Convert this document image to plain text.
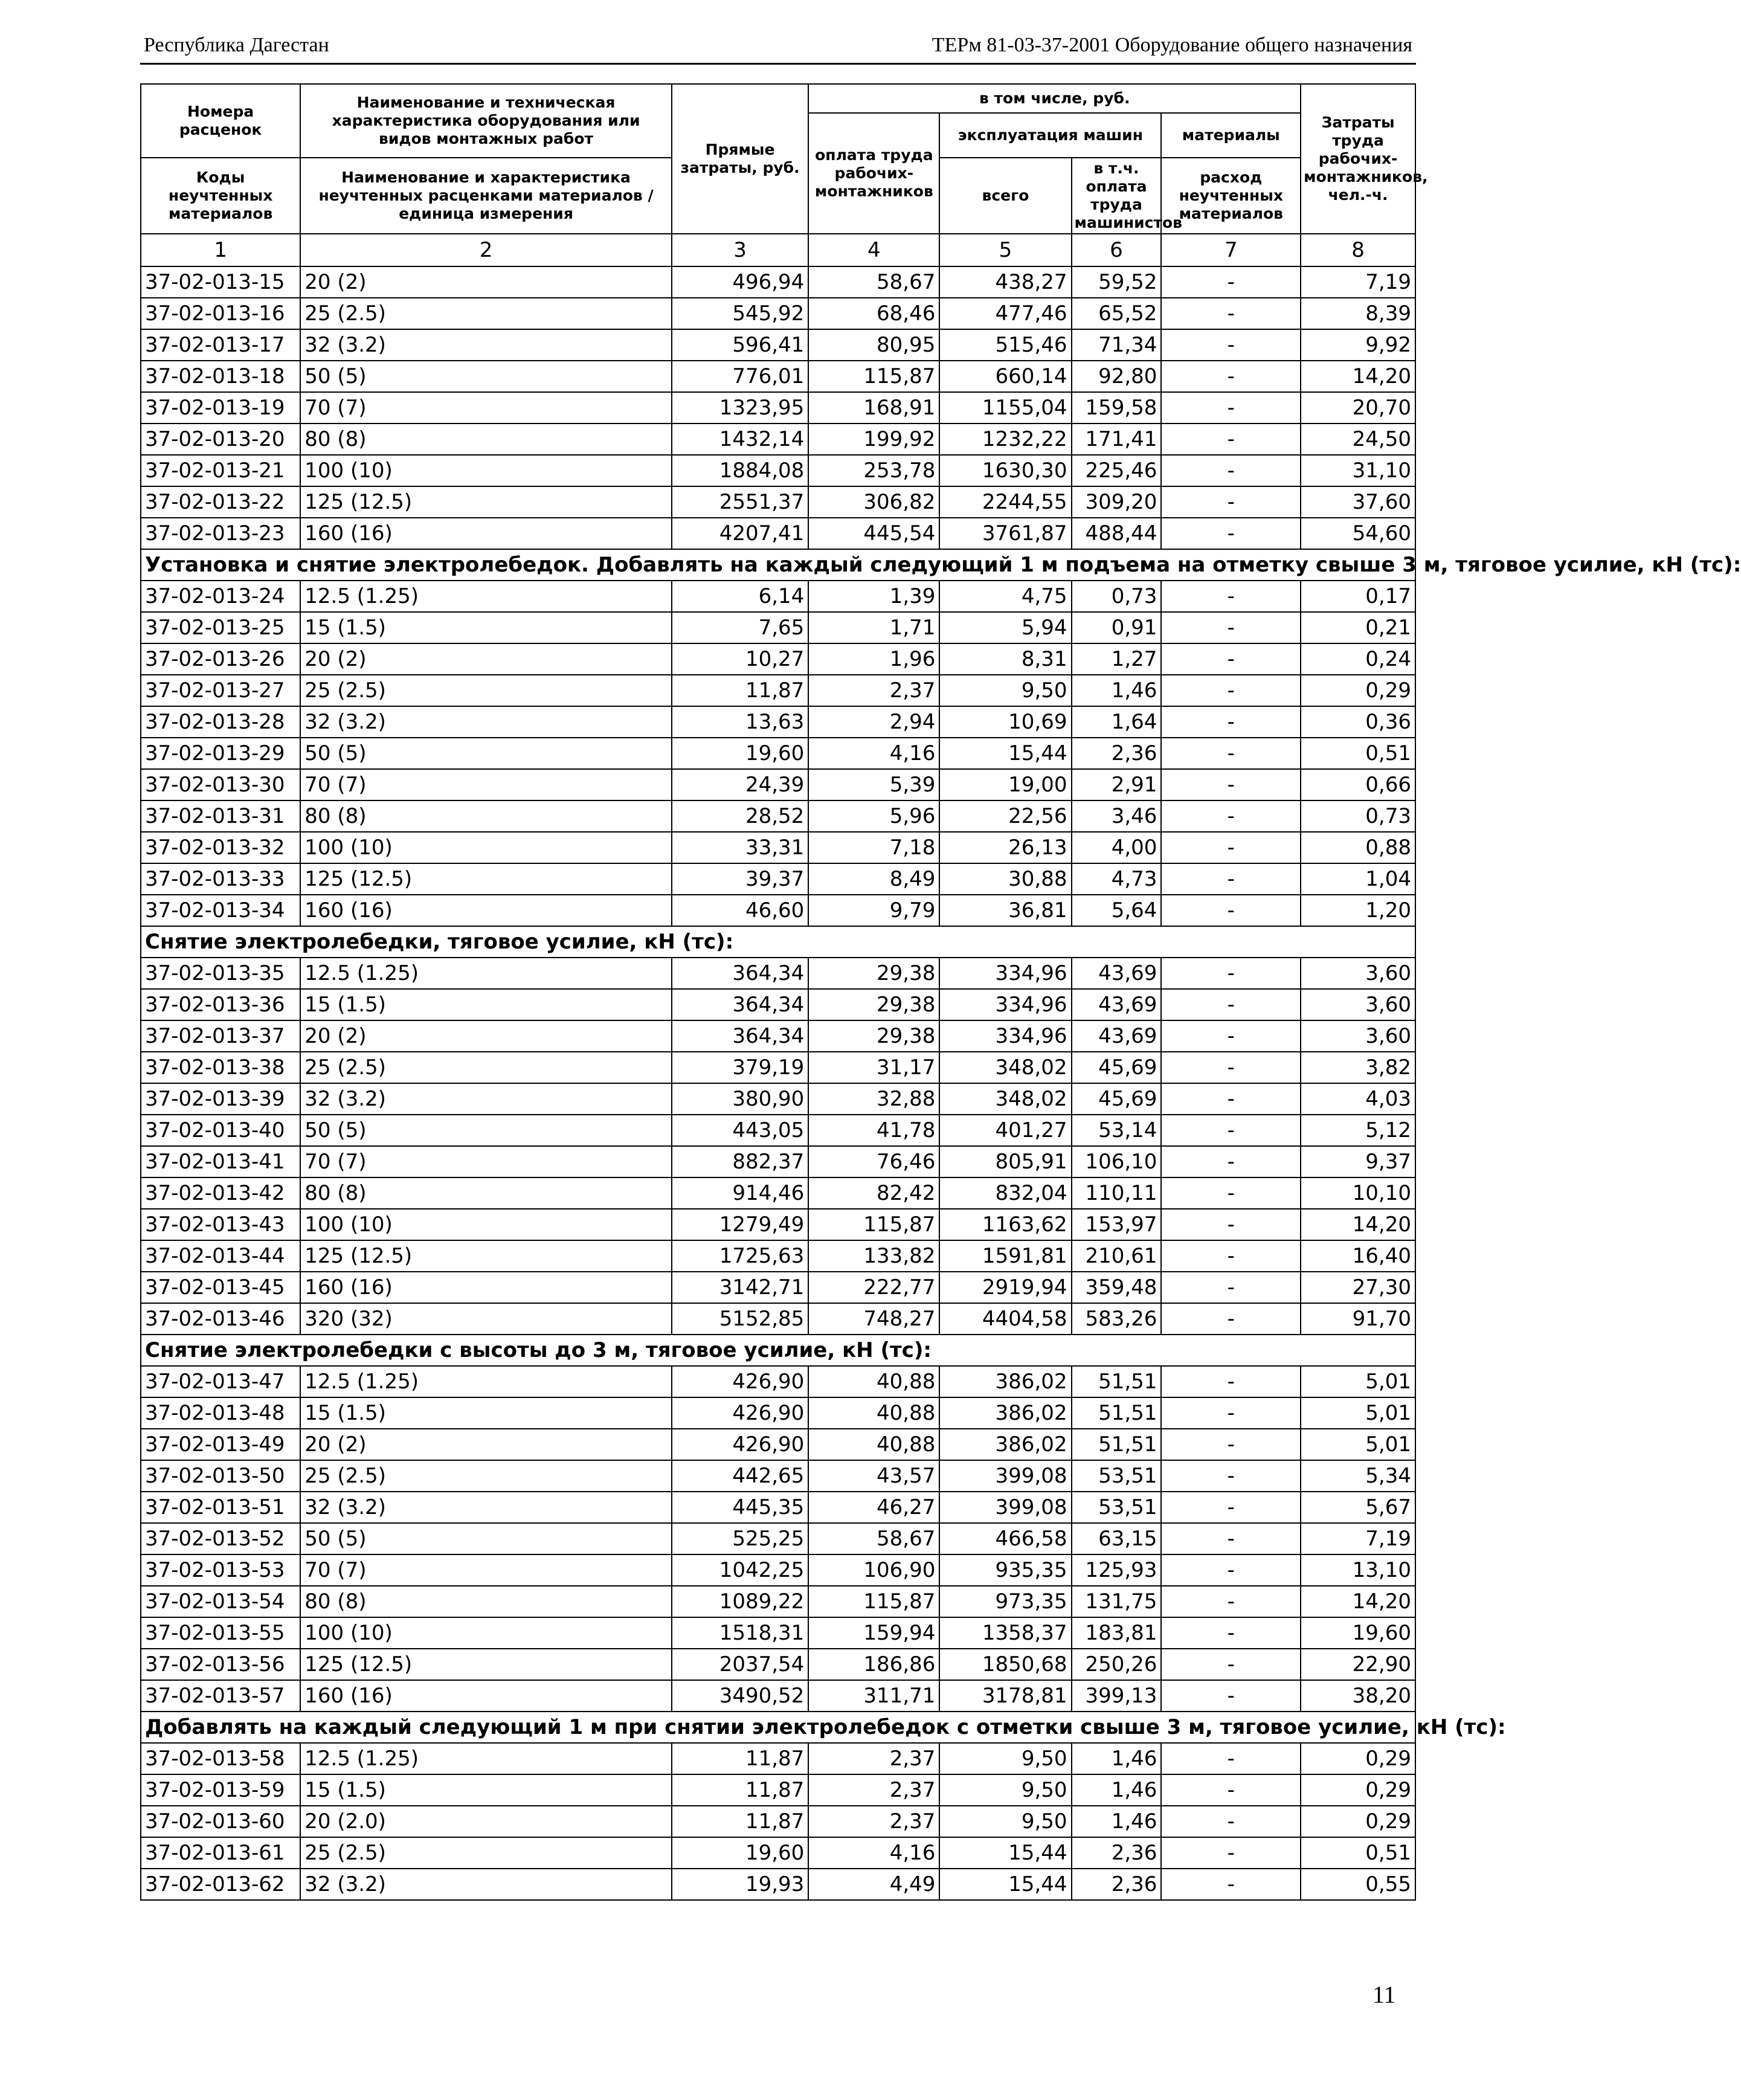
Республика Дагестан	ТЕРм 81-03-37-2001 Оборудование общего назначения
Номера расценок	Наименование и техническая характеристика оборудования или видов монтажных работ	Прямые затраты, руб.	в том числе, руб.				Затраты труда рабочих-монтажников, чел.-ч.
			оплата труда рабочих-монтажников	эксплуатация машин		материалы	
Коды неучтенных материалов	Наименование и характеристика неучтенных расценками материалов / единица измерения			всего	в т.ч. оплата труда машинистов	расход неучтенных материалов	

1	2	3	4	5	6	7	8
37-02-013-15	20 (2)	496,94	58,67	438,27	59,52	-	7,19
37-02-013-16	25 (2.5)	545,92	68,46	477,46	65,52	-	8,39
37-02-013-17	32 (3.2)	596,41	80,95	515,46	71,34	-	9,92
37-02-013-18	50 (5)	776,01	115,87	660,14	92,80	-	14,20
37-02-013-19	70 (7)	1323,95	168,91	1155,04	159,58	-	20,70
37-02-013-20	80 (8)	1432,14	199,92	1232,22	171,41	-	24,50
37-02-013-21	100 (10)	1884,08	253,78	1630,30	225,46	-	31,10
37-02-013-22	125 (12.5)	2551,37	306,82	2244,55	309,20	-	37,60
37-02-013-23	160 (16)	4207,41	445,54	3761,87	488,44	-	54,60
Установка и снятие электролебедок. Добавлять на каждый следующий 1 м подъема на отметку свыше 3 м, тяговое усилие, кН (тс):							
37-02-013-24	12.5 (1.25)	6,14	1,39	4,75	0,73	-	0,17
37-02-013-25	15 (1.5)	7,65	1,71	5,94	0,91	-	0,21
37-02-013-26	20 (2)	10,27	1,96	8,31	1,27	-	0,24
37-02-013-27	25 (2.5)	11,87	2,37	9,50	1,46	-	0,29
37-02-013-28	32 (3.2)	13,63	2,94	10,69	1,64	-	0,36
37-02-013-29	50 (5)	19,60	4,16	15,44	2,36	-	0,51
37-02-013-30	70 (7)	24,39	5,39	19,00	2,91	-	0,66
37-02-013-31	80 (8)	28,52	5,96	22,56	3,46	-	0,73
37-02-013-32	100 (10)	33,31	7,18	26,13	4,00	-	0,88
37-02-013-33	125 (12.5)	39,37	8,49	30,88	4,73	-	1,04
37-02-013-34	160 (16)	46,60	9,79	36,81	5,64	-	1,20
Снятие электролебедки, тяговое усилие, кН (тс):							
37-02-013-35	12.5 (1.25)	364,34	29,38	334,96	43,69	-	3,60
37-02-013-36	15 (1.5)	364,34	29,38	334,96	43,69	-	3,60
37-02-013-37	20 (2)	364,34	29,38	334,96	43,69	-	3,60
37-02-013-38	25 (2.5)	379,19	31,17	348,02	45,69	-	3,82
37-02-013-39	32 (3.2)	380,90	32,88	348,02	45,69	-	4,03
37-02-013-40	50 (5)	443,05	41,78	401,27	53,14	-	5,12
37-02-013-41	70 (7)	882,37	76,46	805,91	106,10	-	9,37
37-02-013-42	80 (8)	914,46	82,42	832,04	110,11	-	10,10
37-02-013-43	100 (10)	1279,49	115,87	1163,62	153,97	-	14,20
37-02-013-44	125 (12.5)	1725,63	133,82	1591,81	210,61	-	16,40
37-02-013-45	160 (16)	3142,71	222,77	2919,94	359,48	-	27,30
37-02-013-46	320 (32)	5152,85	748,27	4404,58	583,26	-	91,70
Снятие электролебедки с высоты до 3 м, тяговое усилие, кН (тс):							
37-02-013-47	12.5 (1.25)	426,90	40,88	386,02	51,51	-	5,01
37-02-013-48	15 (1.5)	426,90	40,88	386,02	51,51	-	5,01
37-02-013-49	20 (2)	426,90	40,88	386,02	51,51	-	5,01
37-02-013-50	25 (2.5)	442,65	43,57	399,08	53,51	-	5,34
37-02-013-51	32 (3.2)	445,35	46,27	399,08	53,51	-	5,67
37-02-013-52	50 (5)	525,25	58,67	466,58	63,15	-	7,19
37-02-013-53	70 (7)	1042,25	106,90	935,35	125,93	-	13,10
37-02-013-54	80 (8)	1089,22	115,87	973,35	131,75	-	14,20
37-02-013-55	100 (10)	1518,31	159,94	1358,37	183,81	-	19,60
37-02-013-56	125 (12.5)	2037,54	186,86	1850,68	250,26	-	22,90
37-02-013-57	160 (16)	3490,52	311,71	3178,81	399,13	-	38,20
Добавлять на каждый следующий 1 м при снятии электролебедок с отметки свыше 3 м, тяговое усилие, кН (тс):							
37-02-013-58	12.5 (1.25)	11,87	2,37	9,50	1,46	-	0,29
37-02-013-59	15 (1.5)	11,87	2,37	9,50	1,46	-	0,29
37-02-013-60	20 (2.0)	11,87	2,37	9,50	1,46	-	0,29
37-02-013-61	25 (2.5)	19,60	4,16	15,44	2,36	-	0,51
37-02-013-62	32 (3.2)	19,93	4,49	15,44	2,36	-	0,55
11
